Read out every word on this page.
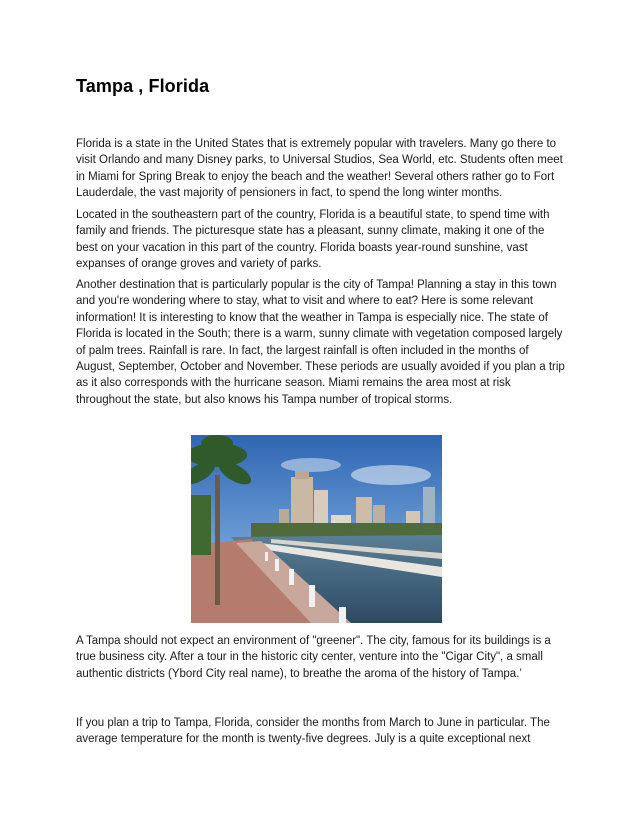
Tampa , Florida

Florida is a state in the United States that is extremely popular with travelers. Many go there to visit Orlando and many Disney parks, to Universal Studios, Sea World, etc. Students often meet in Miami for Spring Break to enjoy the beach and the weather! Several others rather go to Fort Lauderdale, the vast majority of pensioners in fact, to spend the long winter months.

Located in the southeastern part of the country, Florida is a beautiful state, to spend time with family and friends. The picturesque state has a pleasant, sunny climate, making it one of the best on your vacation in this part of the country. Florida boasts year-round sunshine, vast expanses of orange groves and variety of parks.

Another destination that is particularly popular is the city of Tampa! Planning a stay in this town and you're wondering where to stay, what to visit and where to eat? Here is some relevant information! It is interesting to know that the weather in Tampa is especially nice. The state of Florida is located in the South; there is a warm, sunny climate with vegetation composed largely of palm trees. Rainfall is rare. In fact, the largest rainfall is often included in the months of August, September, October and November. These periods are usually avoided if you plan a trip as it also corresponds with the hurricane season. Miami remains the area most at risk throughout the state, but also knows his Tampa number of tropical storms.

A Tampa should not expect an environment of "greener". The city, famous for its buildings is a true business city. After a tour in the historic city center, venture into the "Cigar City", a small authentic districts (Ybord City real name), to breathe the aroma of the history of Tampa.’

If you plan a trip to Tampa, Florida, consider the months from March to June in particular. The average temperature for the month is twenty-five degrees. July is a quite exceptional next
